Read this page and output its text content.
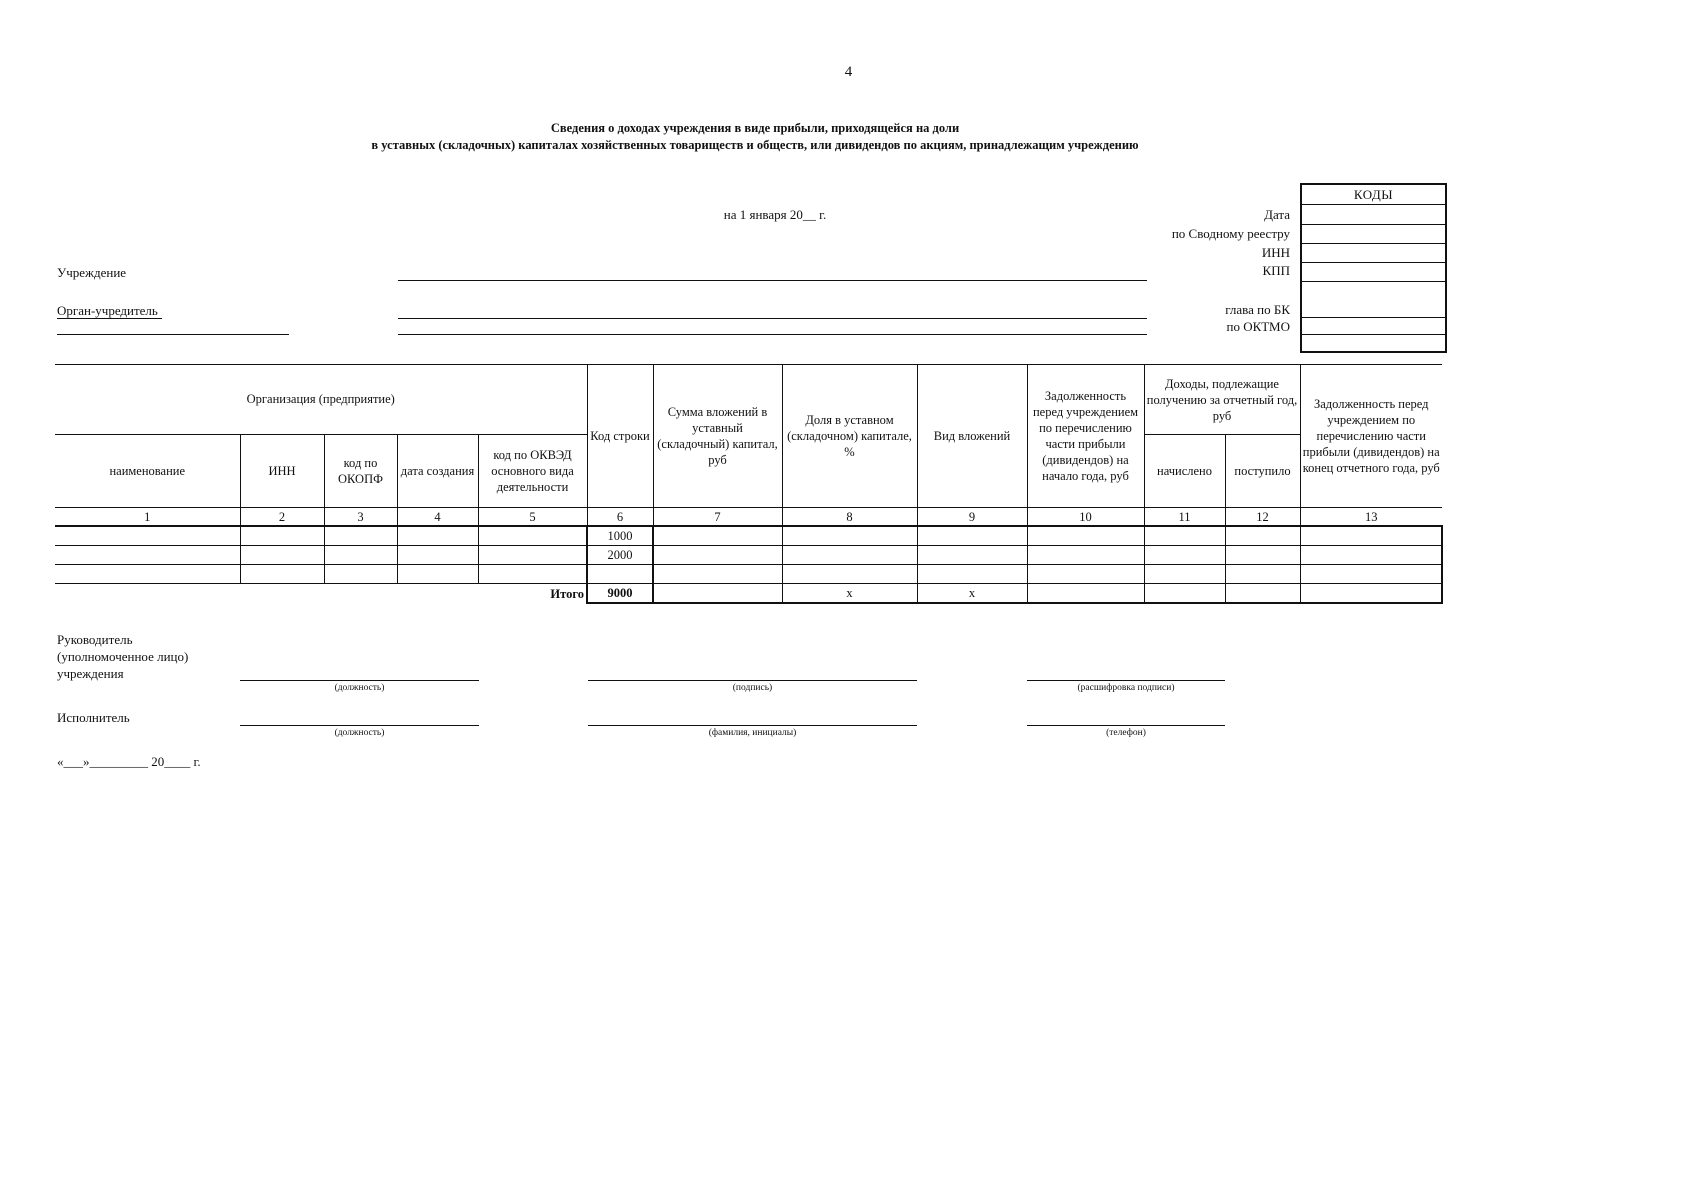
4
Сведения о доходах учреждения в виде прибыли, приходящейся на доли
в уставных (складочных) капиталах хозяйственных товариществ и обществ, или дивидендов по акциям, принадлежащим учреждению
на 1 января 20__ г.
КОДЫ
Дата
по Сводному реестру
ИНН
КПП
глава по БК
по ОКТМО
Учреждение
Орган-учредитель
Организация (предприятие)					Код строки	Сумма вложений в уставный (складочный) капитал, руб	Доля в уставном (складочном) капитале, %	Вид вложений	Задолженность перед учреждением по перечислению части прибыли (дивидендов) на начало года, руб	Доходы, подлежащие получению за отчетный год, руб		Задолженность перед учреждением по перечислению части прибыли (дивидендов) на конец отчетного года, руб
наименование	ИНН	код по ОКОПФ	дата создания	код по ОКВЭД основного вида деятельности						начислено	поступило	
1	2	3	4	5	6	7	8	9	10	11	12	13
					1000							
					2000							

Итого					9000		x	x				
Руководитель
(уполномоченное лицо)
учреждения
(должность)	(подпись)	(расшифровка подписи)
Исполнитель
(должность)	(фамилия, инициалы)	(телефон)
«___»_________ 20____ г.
